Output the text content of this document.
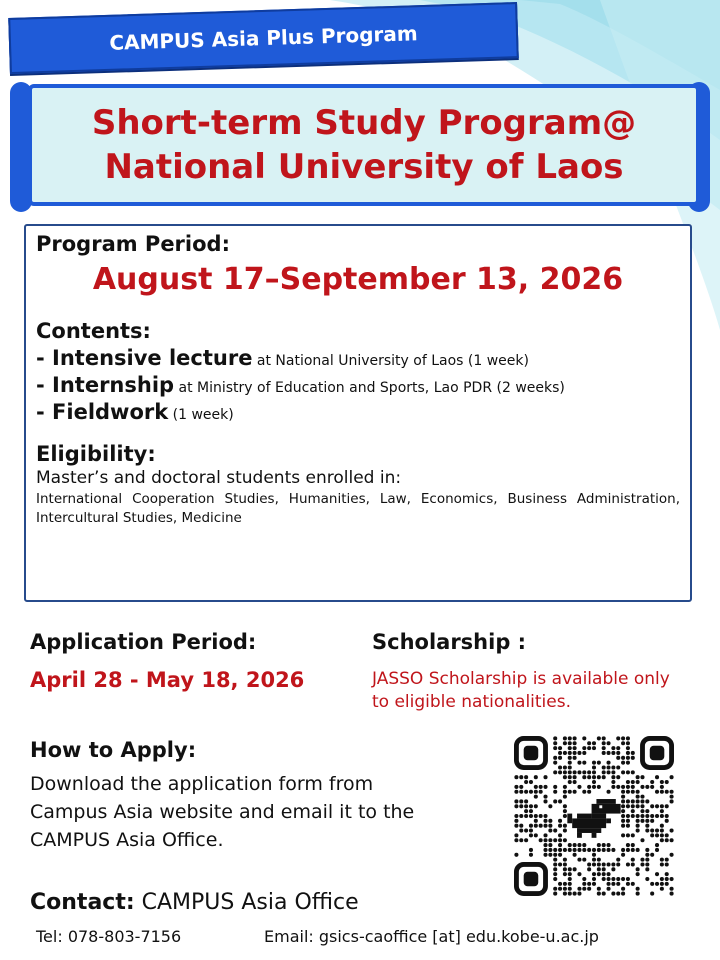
CAMPUS Asia Plus Program
Short-term Study Program@
National University of Laos
Program Period:
August 17–September 13, 2026
Contents:
- Intensive lecture at National University of Laos (1 week)
- Internship at Ministry of Education and Sports, Lao PDR (2 weeks)
- Fieldwork (1 week)
Eligibility:
Master’s and doctoral students enrolled in:
International Cooperation Studies, Humanities, Law, Economics, Business Administration, Intercultural Studies, Medicine
Application Period:
April 28 - May 18, 2026
Scholarship :
JASSO Scholarship is available only to eligible nationalities.
How to Apply:
Download the application form from Campus Asia website and email it to the CAMPUS Asia Office.
Contact: CAMPUS Asia Office
Tel: 078-803-7156	Email: gsics-caoffice [at] edu.kobe-u.ac.jp
